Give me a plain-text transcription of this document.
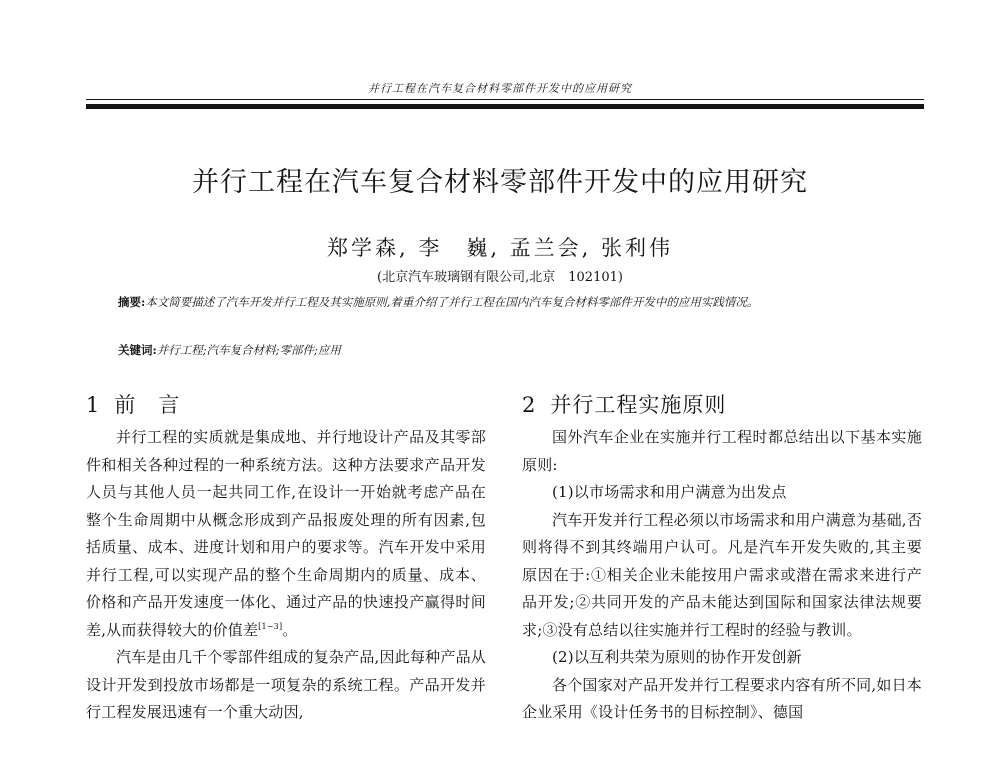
并行工程在汽车复合材料零部件开发中的应用研究
并行工程在汽车复合材料零部件开发中的应用研究
郑学森, 李　巍, 孟兰会, 张利伟
(北京汽车玻璃钢有限公司,北京　102101)
摘要:本文简要描述了汽车开发并行工程及其实施原则,着重介绍了并行工程在国内汽车复合材料零部件开发中的应用实践情况。
关键词:并行工程;汽车复合材料;零部件;应用
1 前　言

并行工程的实质就是集成地、并行地设计产品及其零部件和相关各种过程的一种系统方法。这种方法要求产品开发人员与其他人员一起共同工作,在设计一开始就考虑产品在整个生命周期中从概念形成到产品报废处理的所有因素,包括质量、成本、进度计划和用户的要求等。汽车开发中采用并行工程,可以实现产品的整个生命周期内的质量、成本、价格和产品开发速度一体化、通过产品的快速投产赢得时间差,从而获得较大的价值差[1~3]。

汽车是由几千个零部件组成的复杂产品,因此每种产品从设计开发到投放市场都是一项复杂的系统工程。产品开发并行工程发展迅速有一个重大动因,

2 并行工程实施原则

国外汽车企业在实施并行工程时都总结出以下基本实施原则:

(1)以市场需求和用户满意为出发点

汽车开发并行工程必须以市场需求和用户满意为基础,否则将得不到其终端用户认可。凡是汽车开发失败的,其主要原因在于:①相关企业未能按用户需求或潜在需求来进行产品开发;②共同开发的产品未能达到国际和国家法律法规要求;③没有总结以往实施并行工程时的经验与教训。

(2)以互利共荣为原则的协作开发创新

各个国家对产品开发并行工程要求内容有所不同,如日本企业采用《设计任务书的目标控制》、德国
